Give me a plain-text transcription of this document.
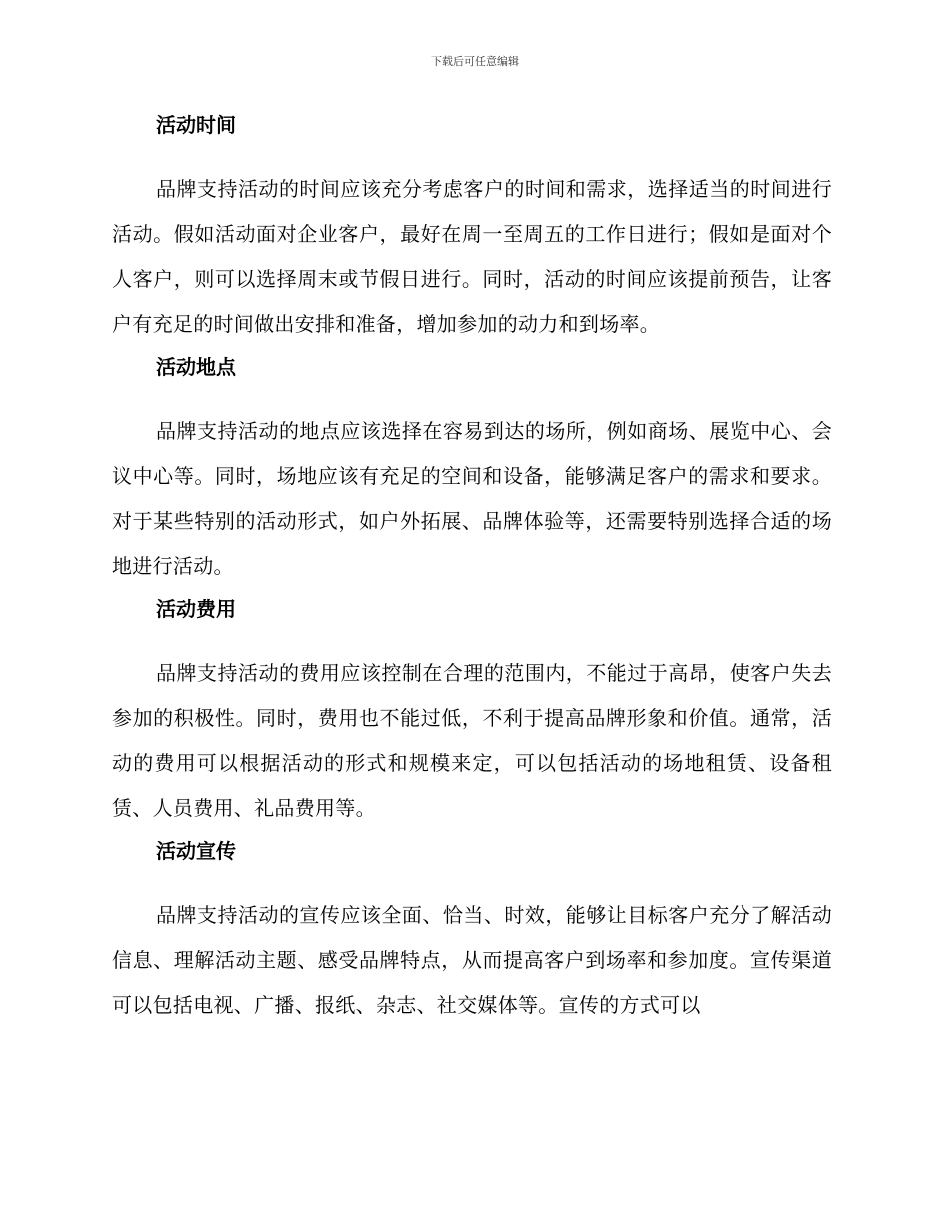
下载后可任意编辑
活动时间

品牌支持活动的时间应该充分考虑客户的时间和需求，选择适当的时间进行活动。假如活动面对企业客户，最好在周一至周五的工作日进行；假如是面对个人客户，则可以选择周末或节假日进行。同时，活动的时间应该提前预告，让客户有充足的时间做出安排和准备，增加参加的动力和到场率。

活动地点

品牌支持活动的地点应该选择在容易到达的场所，例如商场、展览中心、会议中心等。同时，场地应该有充足的空间和设备，能够满足客户的需求和要求。对于某些特别的活动形式，如户外拓展、品牌体验等，还需要特别选择合适的场地进行活动。

活动费用

品牌支持活动的费用应该控制在合理的范围内，不能过于高昂，使客户失去参加的积极性。同时，费用也不能过低，不利于提高品牌形象和价值。通常，活动的费用可以根据活动的形式和规模来定，可以包括活动的场地租赁、设备租赁、人员费用、礼品费用等。

活动宣传

品牌支持活动的宣传应该全面、恰当、时效，能够让目标客户充分了解活动信息、理解活动主题、感受品牌特点，从而提高客户到场率和参加度。宣传渠道可以包括电视、广播、报纸、杂志、社交媒体等。宣传的方式可以
